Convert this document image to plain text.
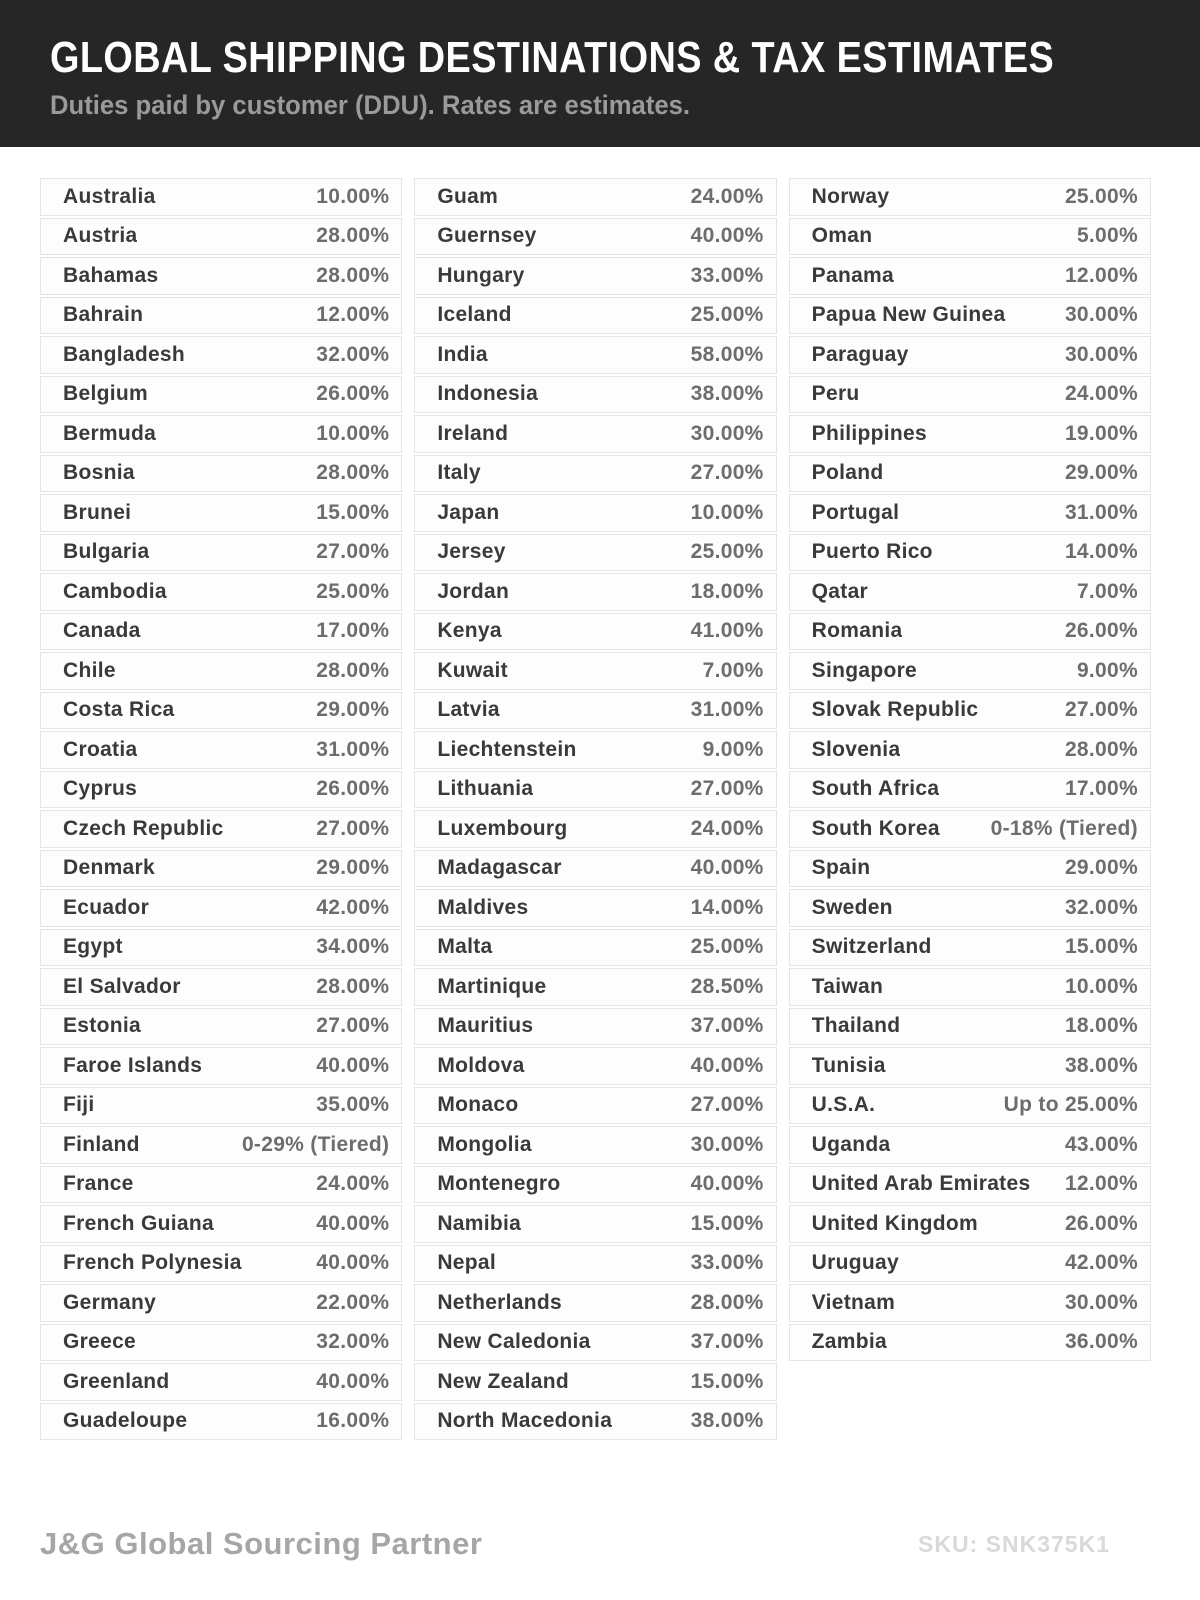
GLOBAL SHIPPING DESTINATIONS & TAX ESTIMATES
Duties paid by customer (DDU). Rates are estimates.
Australia	10.00%
Austria	28.00%
Bahamas	28.00%
Bahrain	12.00%
Bangladesh	32.00%
Belgium	26.00%
Bermuda	10.00%
Bosnia	28.00%
Brunei	15.00%
Bulgaria	27.00%
Cambodia	25.00%
Canada	17.00%
Chile	28.00%
Costa Rica	29.00%
Croatia	31.00%
Cyprus	26.00%
Czech Republic	27.00%
Denmark	29.00%
Ecuador	42.00%
Egypt	34.00%
El Salvador	28.00%
Estonia	27.00%
Faroe Islands	40.00%
Fiji	35.00%
Finland	0-29% (Tiered)
France	24.00%
French Guiana	40.00%
French Polynesia	40.00%
Germany	22.00%
Greece	32.00%
Greenland	40.00%
Guadeloupe	16.00%
Guam	24.00%
Guernsey	40.00%
Hungary	33.00%
Iceland	25.00%
India	58.00%
Indonesia	38.00%
Ireland	30.00%
Italy	27.00%
Japan	10.00%
Jersey	25.00%
Jordan	18.00%
Kenya	41.00%
Kuwait	7.00%
Latvia	31.00%
Liechtenstein	9.00%
Lithuania	27.00%
Luxembourg	24.00%
Madagascar	40.00%
Maldives	14.00%
Malta	25.00%
Martinique	28.50%
Mauritius	37.00%
Moldova	40.00%
Monaco	27.00%
Mongolia	30.00%
Montenegro	40.00%
Namibia	15.00%
Nepal	33.00%
Netherlands	28.00%
New Caledonia	37.00%
New Zealand	15.00%
North Macedonia	38.00%
Norway	25.00%
Oman	5.00%
Panama	12.00%
Papua New Guinea	30.00%
Paraguay	30.00%
Peru	24.00%
Philippines	19.00%
Poland	29.00%
Portugal	31.00%
Puerto Rico	14.00%
Qatar	7.00%
Romania	26.00%
Singapore	9.00%
Slovak Republic	27.00%
Slovenia	28.00%
South Africa	17.00%
South Korea 0-18% (Tiered)
Spain	29.00%
Sweden	32.00%
Switzerland	15.00%
Taiwan	10.00%
Thailand	18.00%
Tunisia	38.00%
U.S.A.	Up to 25.00%
Uganda	43.00%
United Arab Emirates 12.00%
United Kingdom	26.00%
Uruguay	42.00%
Vietnam	30.00%
Zambia	36.00%
J&G Global Sourcing Partner	SKU: SNK375K1
